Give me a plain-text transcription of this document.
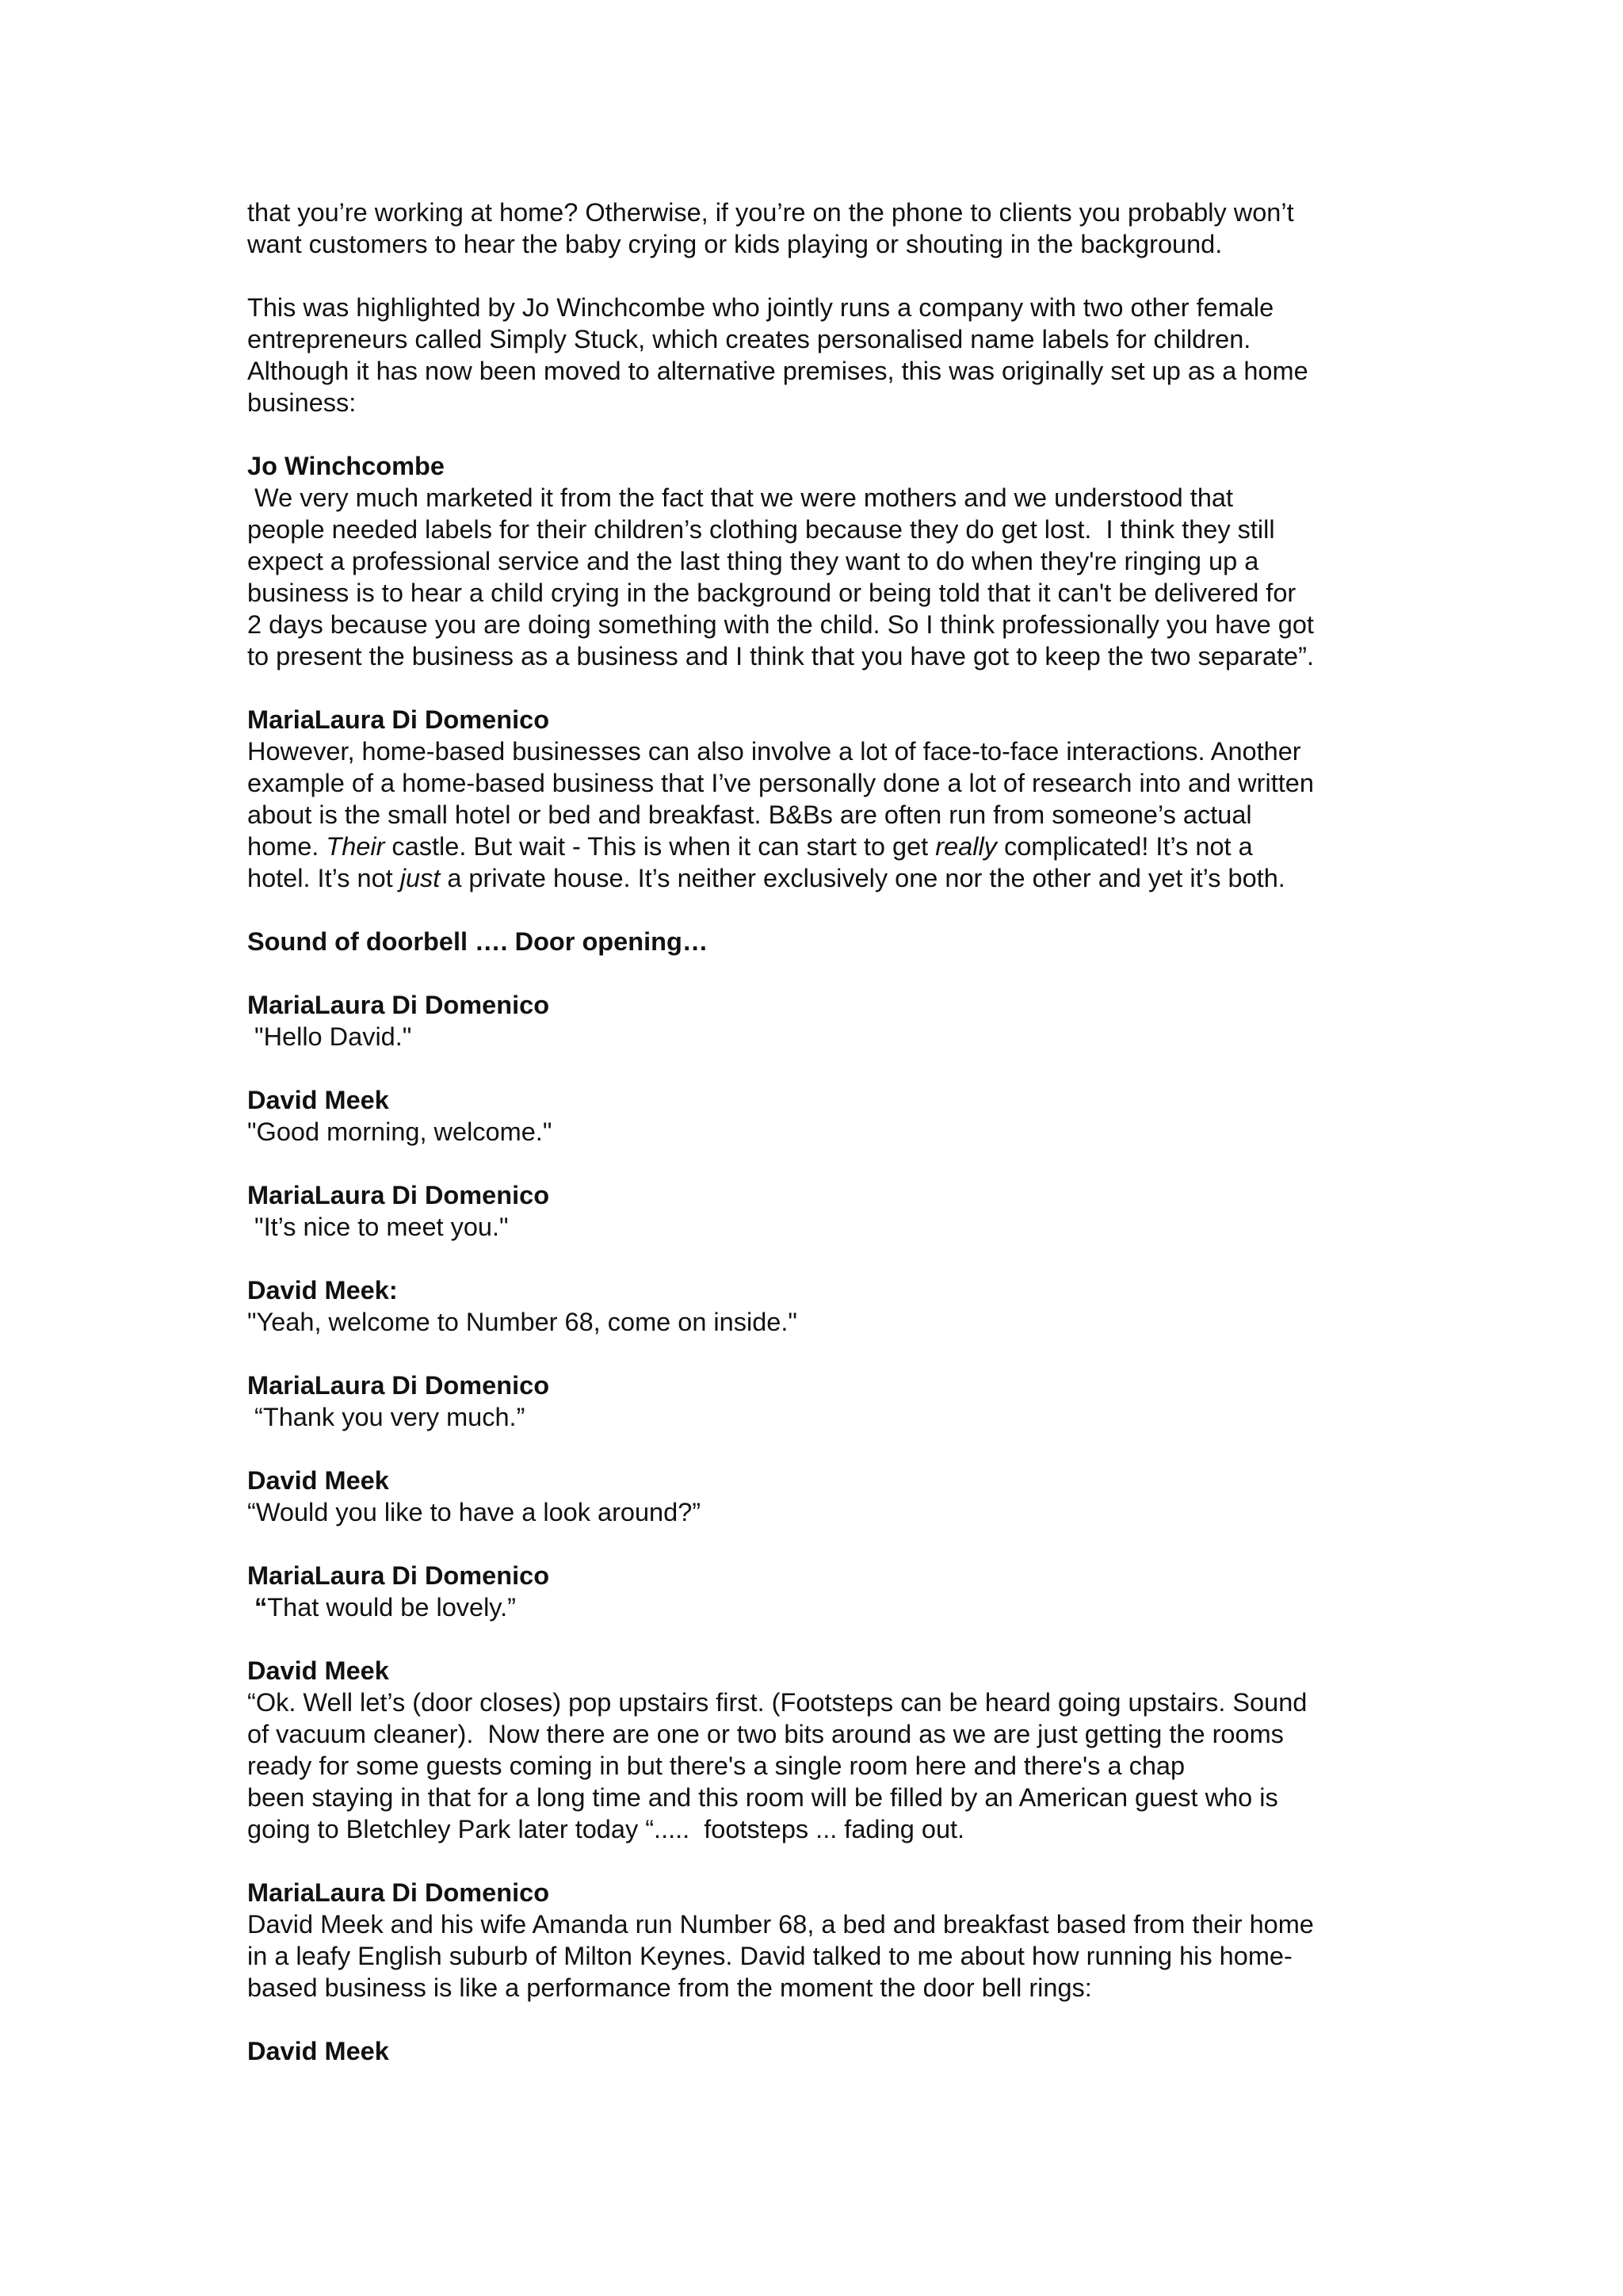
that you’re working at home? Otherwise, if you’re on the phone to clients you probably won’t
want customers to hear the baby crying or kids playing or shouting in the background.

This was highlighted by Jo Winchcombe who jointly runs a company with two other female
entrepreneurs called Simply Stuck, which creates personalised name labels for children.
Although it has now been moved to alternative premises, this was originally set up as a home
business:

Jo Winchcombe
We very much marketed it from the fact that we were mothers and we understood that
people needed labels for their children’s clothing because they do get lost.  I think they still
expect a professional service and the last thing they want to do when they're ringing up a
business is to hear a child crying in the background or being told that it can't be delivered for
2 days because you are doing something with the child. So I think professionally you have got
to present the business as a business and I think that you have got to keep the two separate”.
MariaLaura Di Domenico
However, home-based businesses can also involve a lot of face-to-face interactions. Another
example of a home-based business that I’ve personally done a lot of research into and written
about is the small hotel or bed and breakfast. B&Bs are often run from someone’s actual
home. Their castle. But wait - This is when it can start to get really complicated! It’s not a
hotel. It’s not just a private house. It’s neither exclusively one nor the other and yet it’s both.

Sound of doorbell …. Door opening…

MariaLaura Di Domenico
"Hello David."
David Meek
"Good morning, welcome."
MariaLaura Di Domenico
"It’s nice to meet you."
David Meek:
"Yeah, welcome to Number 68, come on inside."
MariaLaura Di Domenico
“Thank you very much.”
David Meek
“Would you like to have a look around?”
MariaLaura Di Domenico
“That would be lovely.”
David Meek
“Ok. Well let’s (door closes) pop upstairs first. (Footsteps can be heard going upstairs. Sound
of vacuum cleaner).  Now there are one or two bits around as we are just getting the rooms
ready for some guests coming in but there's a single room here and there's a chap
been staying in that for a long time and this room will be filled by an American guest who is
going to Bletchley Park later today “.....  footsteps ... fading out.
MariaLaura Di Domenico
David Meek and his wife Amanda run Number 68, a bed and breakfast based from their home
in a leafy English suburb of Milton Keynes. David talked to me about how running his home-
based business is like a performance from the moment the door bell rings:
David Meek
